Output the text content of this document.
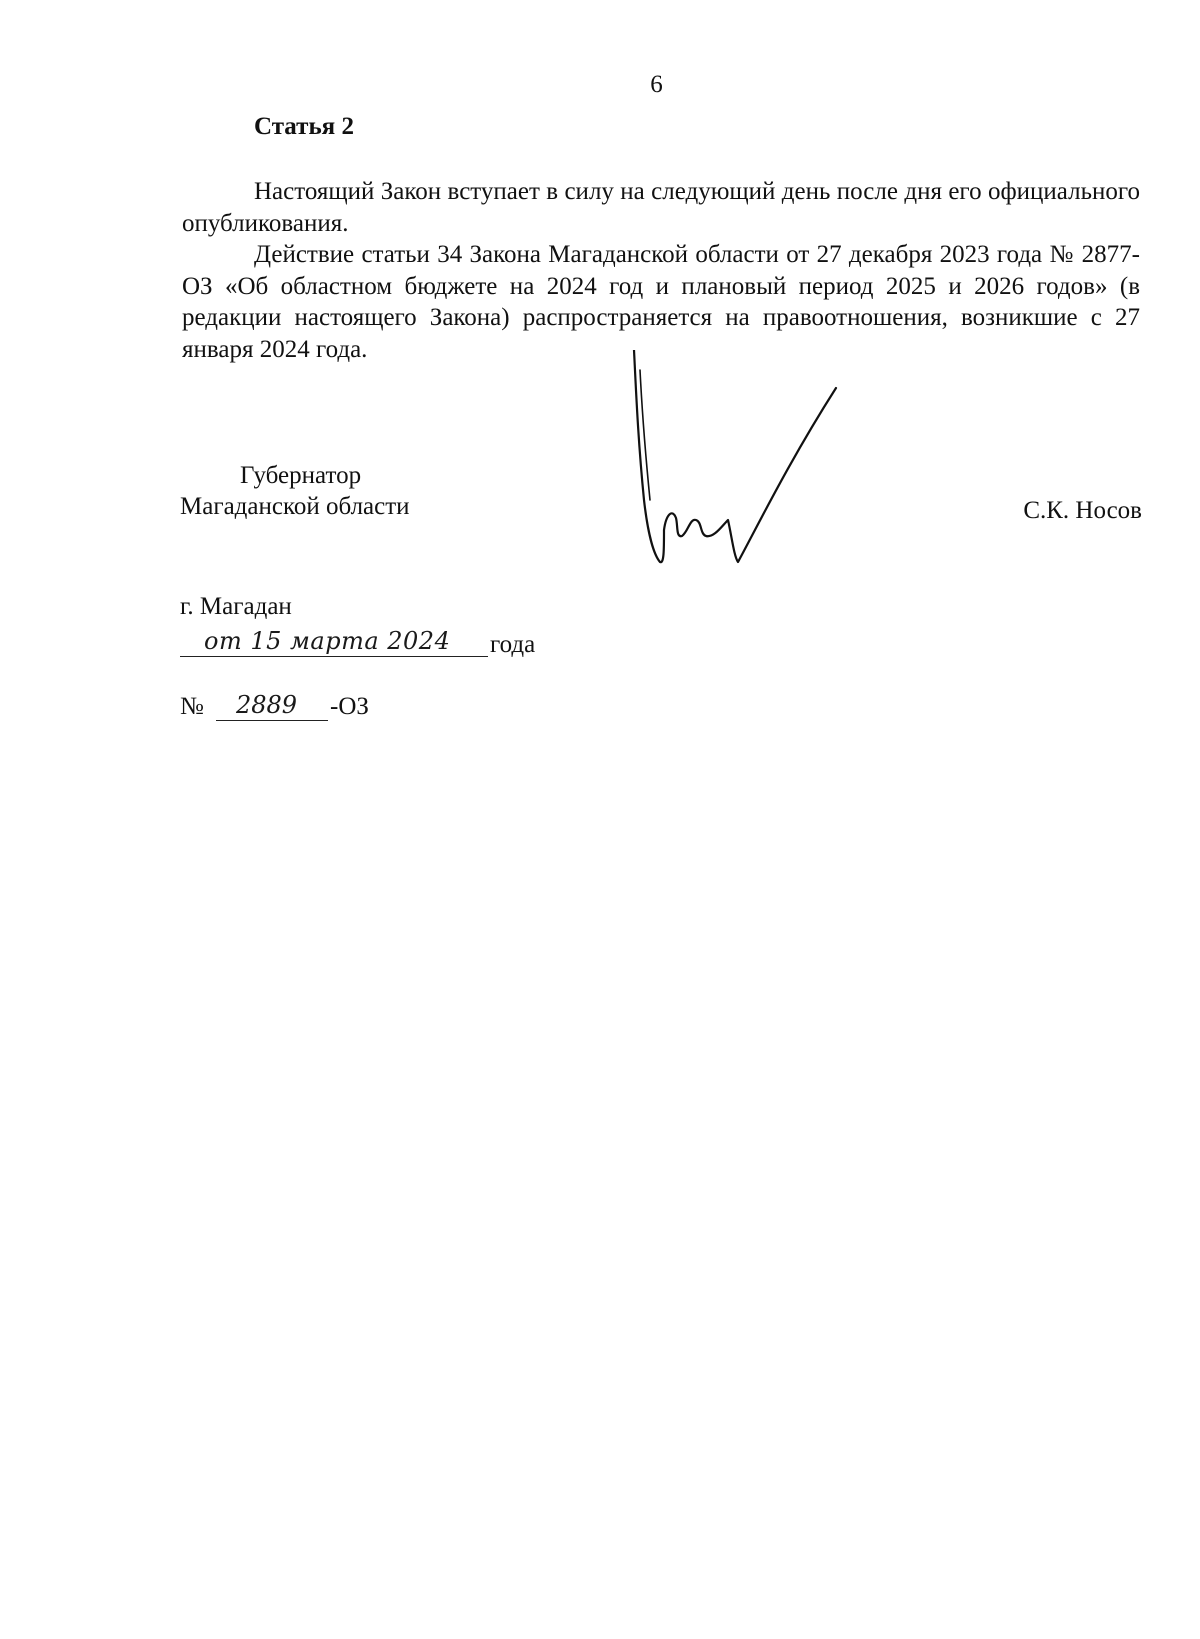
6
Статья 2

Настоящий Закон вступает в силу на следующий день после дня его официального опубликования.

Действие статьи 34 Закона Магаданской области от 27 декабря 2023 года № 2877-ОЗ «Об областном бюджете на 2024 год и плановый период 2025 и 2026 годов» (в редакции настоящего Закона) распространяется на правоотношения, возникшие с 27 января 2024 года.

Губернатор
Магаданской области	С.К. Носов
г. Магадан
от 15 марта 2024 года
№ 2889 -ОЗ
